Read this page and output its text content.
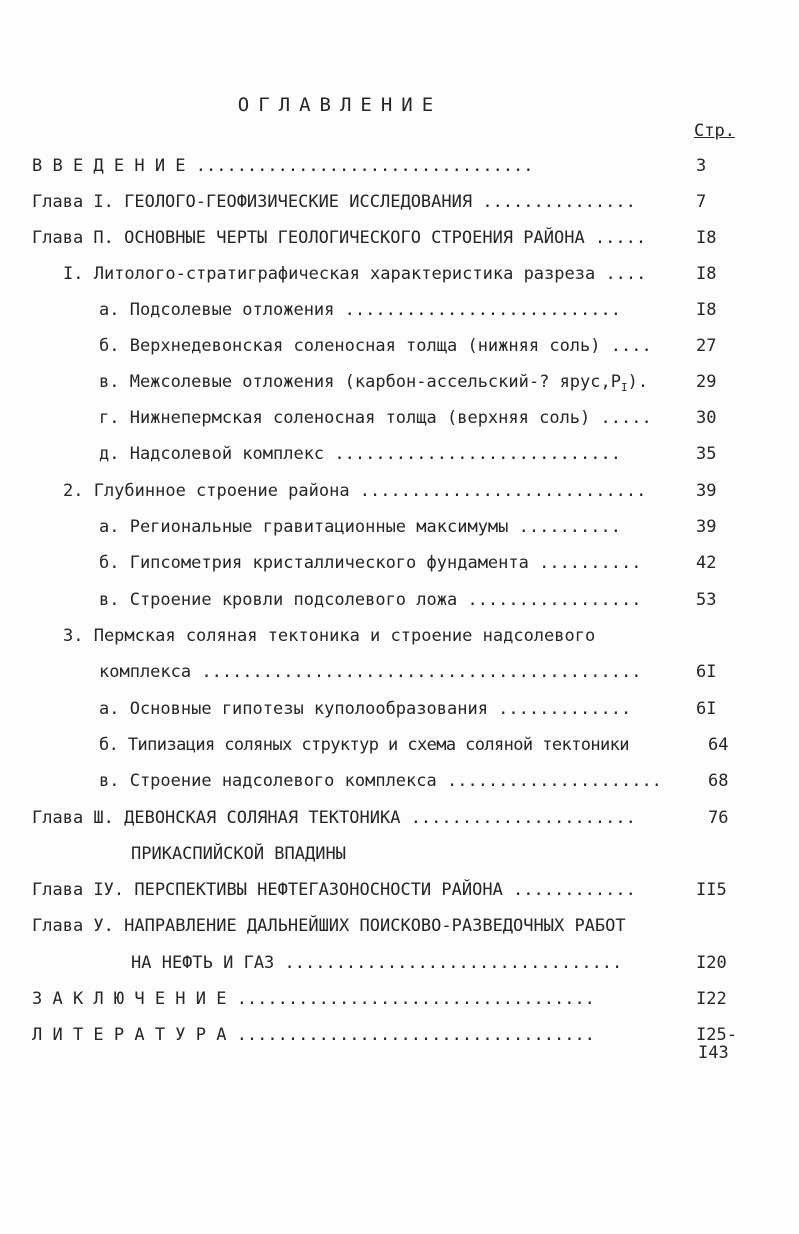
ОГЛАВЛЕНИЕ
Стр.
В В Е Д Е Н И Е .................................	3
Глава I. ГЕОЛОГО-ГЕОФИЗИЧЕСКИЕ ИССЛЕДОВАНИЯ ...............	7
Глава П. ОСНОВНЫЕ ЧЕРТЫ ГЕОЛОГИЧЕСКОГО СТРОЕНИЯ РАЙОНА .....	I8
I. Литолого-стратиграфическая характеристика разреза ....	I8
а. Подсолевые отложения ...........................	I8
б. Верхнедевонская соленосная толща (нижняя соль) ....	27
в. Межсолевые отложения (карбон-ассельский-? $ярус,P_I$).	29
г. Нижнепермская соленосная толща (верхняя соль) .....	30
д. Надсолевой комплекс ............................	35
2. Глубинное строение района ............................	39
а. Региональные гравитационные максимумы ..........	39
б. Гипсометрия кристаллического фундамента ..........	42
в. Строение кровли подсолевого ложа .................	53
3. Пермская соляная тектоника и строение надсолевого
комплекса ...........................................	6I
а. Основные гипотезы куполообразования .............	6I
б. Типизация соляных структур и схема соляной тектоники	64
в. Строение надсолевого комплекса .....................	68
Глава Ш. ДЕВОНСКАЯ СОЛЯНАЯ ТЕКТОНИКА ......................	76
ПРИКАСПИЙСКОЙ ВПАДИНЫ
Глава IУ. ПЕРСПЕКТИВЫ НЕФТЕГАЗОНОСНОСТИ РАЙОНА ............	II5
Глава У. НАПРАВЛЕНИЕ ДАЛЬНЕЙШИХ ПОИСКОВО-РАЗВЕДОЧНЫХ РАБОТ
НА НЕФТЬ И ГАЗ .................................	I20
З А К Л Ю Ч Е Н И Е ...................................	I22
Л И Т Е Р А Т У Р А ...................................	I25-
I43
